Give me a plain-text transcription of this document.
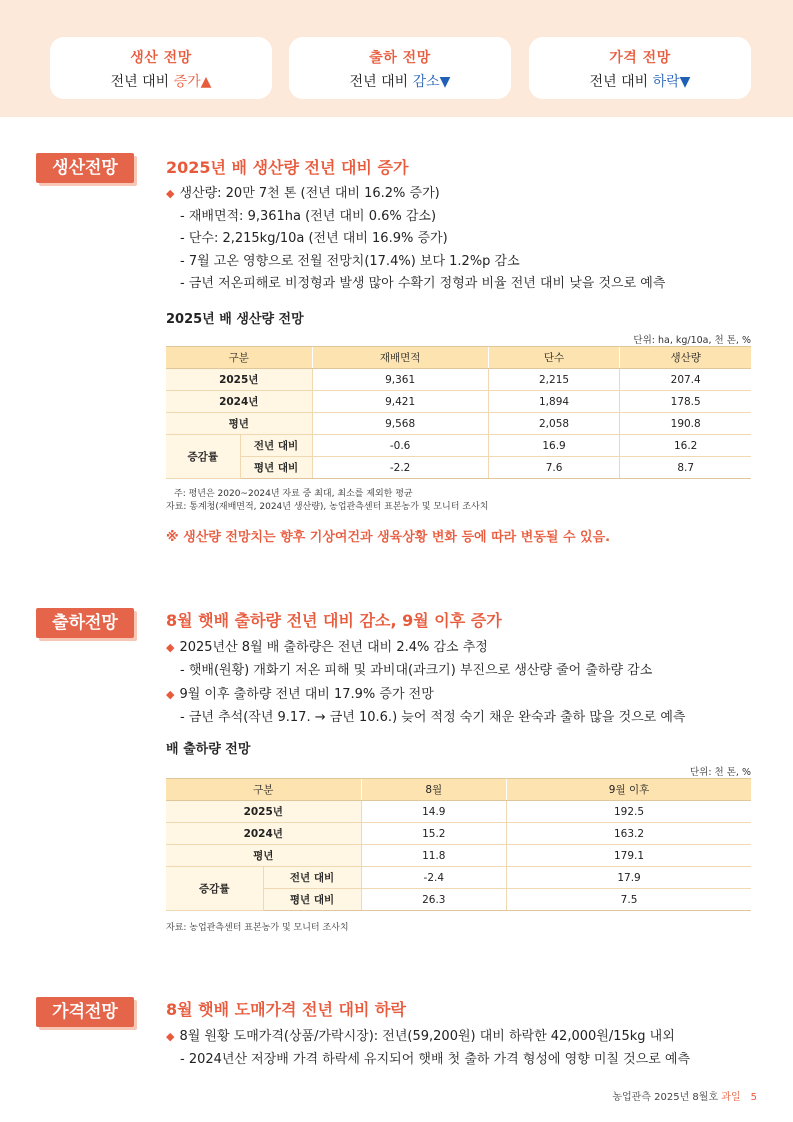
생산 전망
전년 대비 증가▲
출하 전망
전년 대비 감소▼
가격 전망
전년 대비 하락▼
생산전망	2025년 배 생산량 전년 대비 증가
◆ 생산량: 20만 7천 톤 (전년 대비 16.2% 증가)
- 재배면적: 9,361ha (전년 대비 0.6% 감소)
- 단수: 2,215kg/10a (전년 대비 16.9% 증가)
- 7월 고온 영향으로 전월 전망치(17.4%) 보다 1.2%p 감소
- 금년 저온피해로 비정형과 발생 많아 수확기 정형과 비율 전년 대비 낮을 것으로 예측
2025년 배 생산량 전망
단위: ha, kg/10a, 천 톤, %
구분		재배면적	단수	생산량
2025년		9,361	2,215	207.4
2024년		9,421	1,894	178.5
평년		9,568	2,058	190.8
증감률	전년 대비	-0.6	16.9	16.2
	평년 대비	-2.2	7.6	8.7
주: 평년은 2020~2024년 자료 중 최대, 최소를 제외한 평균
자료: 통계청(재배면적, 2024년 생산량), 농업관측센터 표본농가 및 모니터 조사치
※ 생산량 전망치는 향후 기상여건과 생육상황 변화 등에 따라 변동될 수 있음.
출하전망	8월 햇배 출하량 전년 대비 감소, 9월 이후 증가
◆ 2025년산 8월 배 출하량은 전년 대비 2.4% 감소 추정
- 햇배(원황) 개화기 저온 피해 및 과비대(과크기) 부진으로 생산량 줄어 출하량 감소
◆ 9월 이후 출하량 전년 대비 17.9% 증가 전망
- 금년 추석(작년 9.17. → 금년 10.6.) 늦어 적정 숙기 채운 완숙과 출하 많을 것으로 예측
배 출하량 전망
단위: 천 톤, %
구분		8월	9월 이후
2025년		14.9	192.5
2024년		15.2	163.2
평년		11.8	179.1
증감률	전년 대비	-2.4	17.9
	평년 대비	26.3	7.5
자료: 농업관측센터 표본농가 및 모니터 조사치
가격전망	8월 햇배 도매가격 전년 대비 하락
◆ 8월 원황 도매가격(상품/가락시장): 전년(59,200원) 대비 하락한 42,000원/15kg 내외
- 2024년산 저장배 가격 하락세 유지되어 햇배 첫 출하 가격 형성에 영향 미칠 것으로 예측
농업관측 2025년 8월호 과일 5
